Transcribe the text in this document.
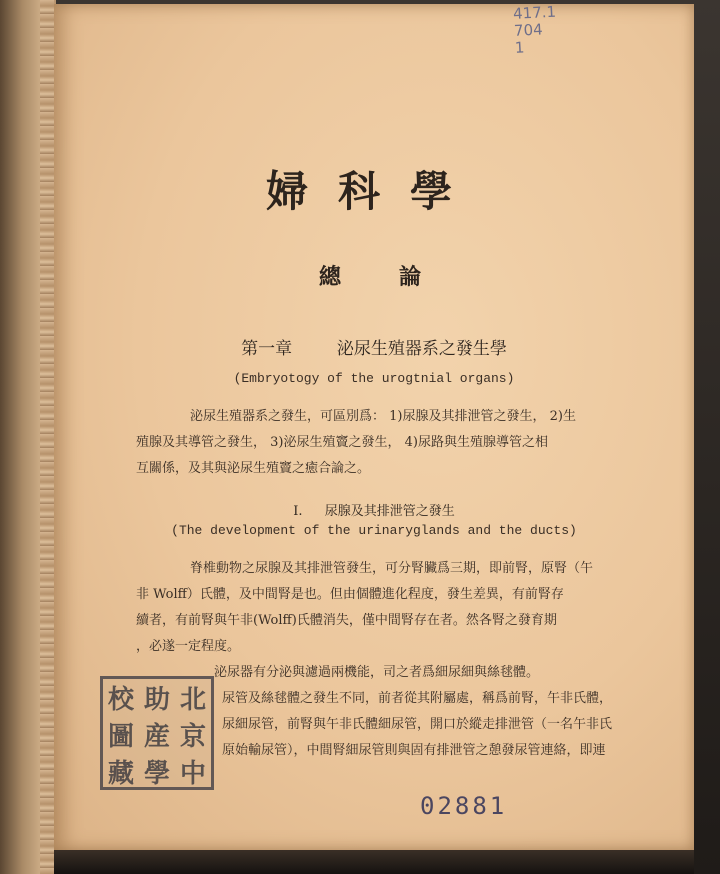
417.1
704
1
婦科學
總論
第一章	泌尿生殖器系之發生學
(Embryotogy of the urogtnial organs)
泌尿生殖器系之發生，可區別爲： 1)尿腺及其排泄管之發生， 2)生
殖腺及其導管之發生， 3)泌尿生殖竇之發生， 4)尿路與生殖腺導管之相
互關係，及其與泌尿生殖竇之癒合論之。
I. 尿腺及其排泄管之發生
(The development of the urinaryglands and the ducts)
脊椎動物之尿腺及其排泄管發生，可分腎臟爲三期，即前腎，原腎（午
非 Wolff）氏體，及中間腎是也。但由個體進化程度，發生差異，有前腎存
續者，有前腎與午非(Wolff)氏體消失，僅中間腎存在者。然各腎之發育期
，必遂一定程度。
泌尿器有分泌與濾過兩機能，司之者爲細尿細與絲毬體。
尿管及絲毬體之發生不同，前者從其附屬處，稱爲前腎，午非氏體，
尿細尿管，前腎與午非氏體細尿管，開口於縱走排泄管（一名午非氏
原始輸尿管），中間腎細尿管則與固有排泄管之憩發尿管連絡，即連
02881
校 助 北
圖 産 京
藏 學 中
